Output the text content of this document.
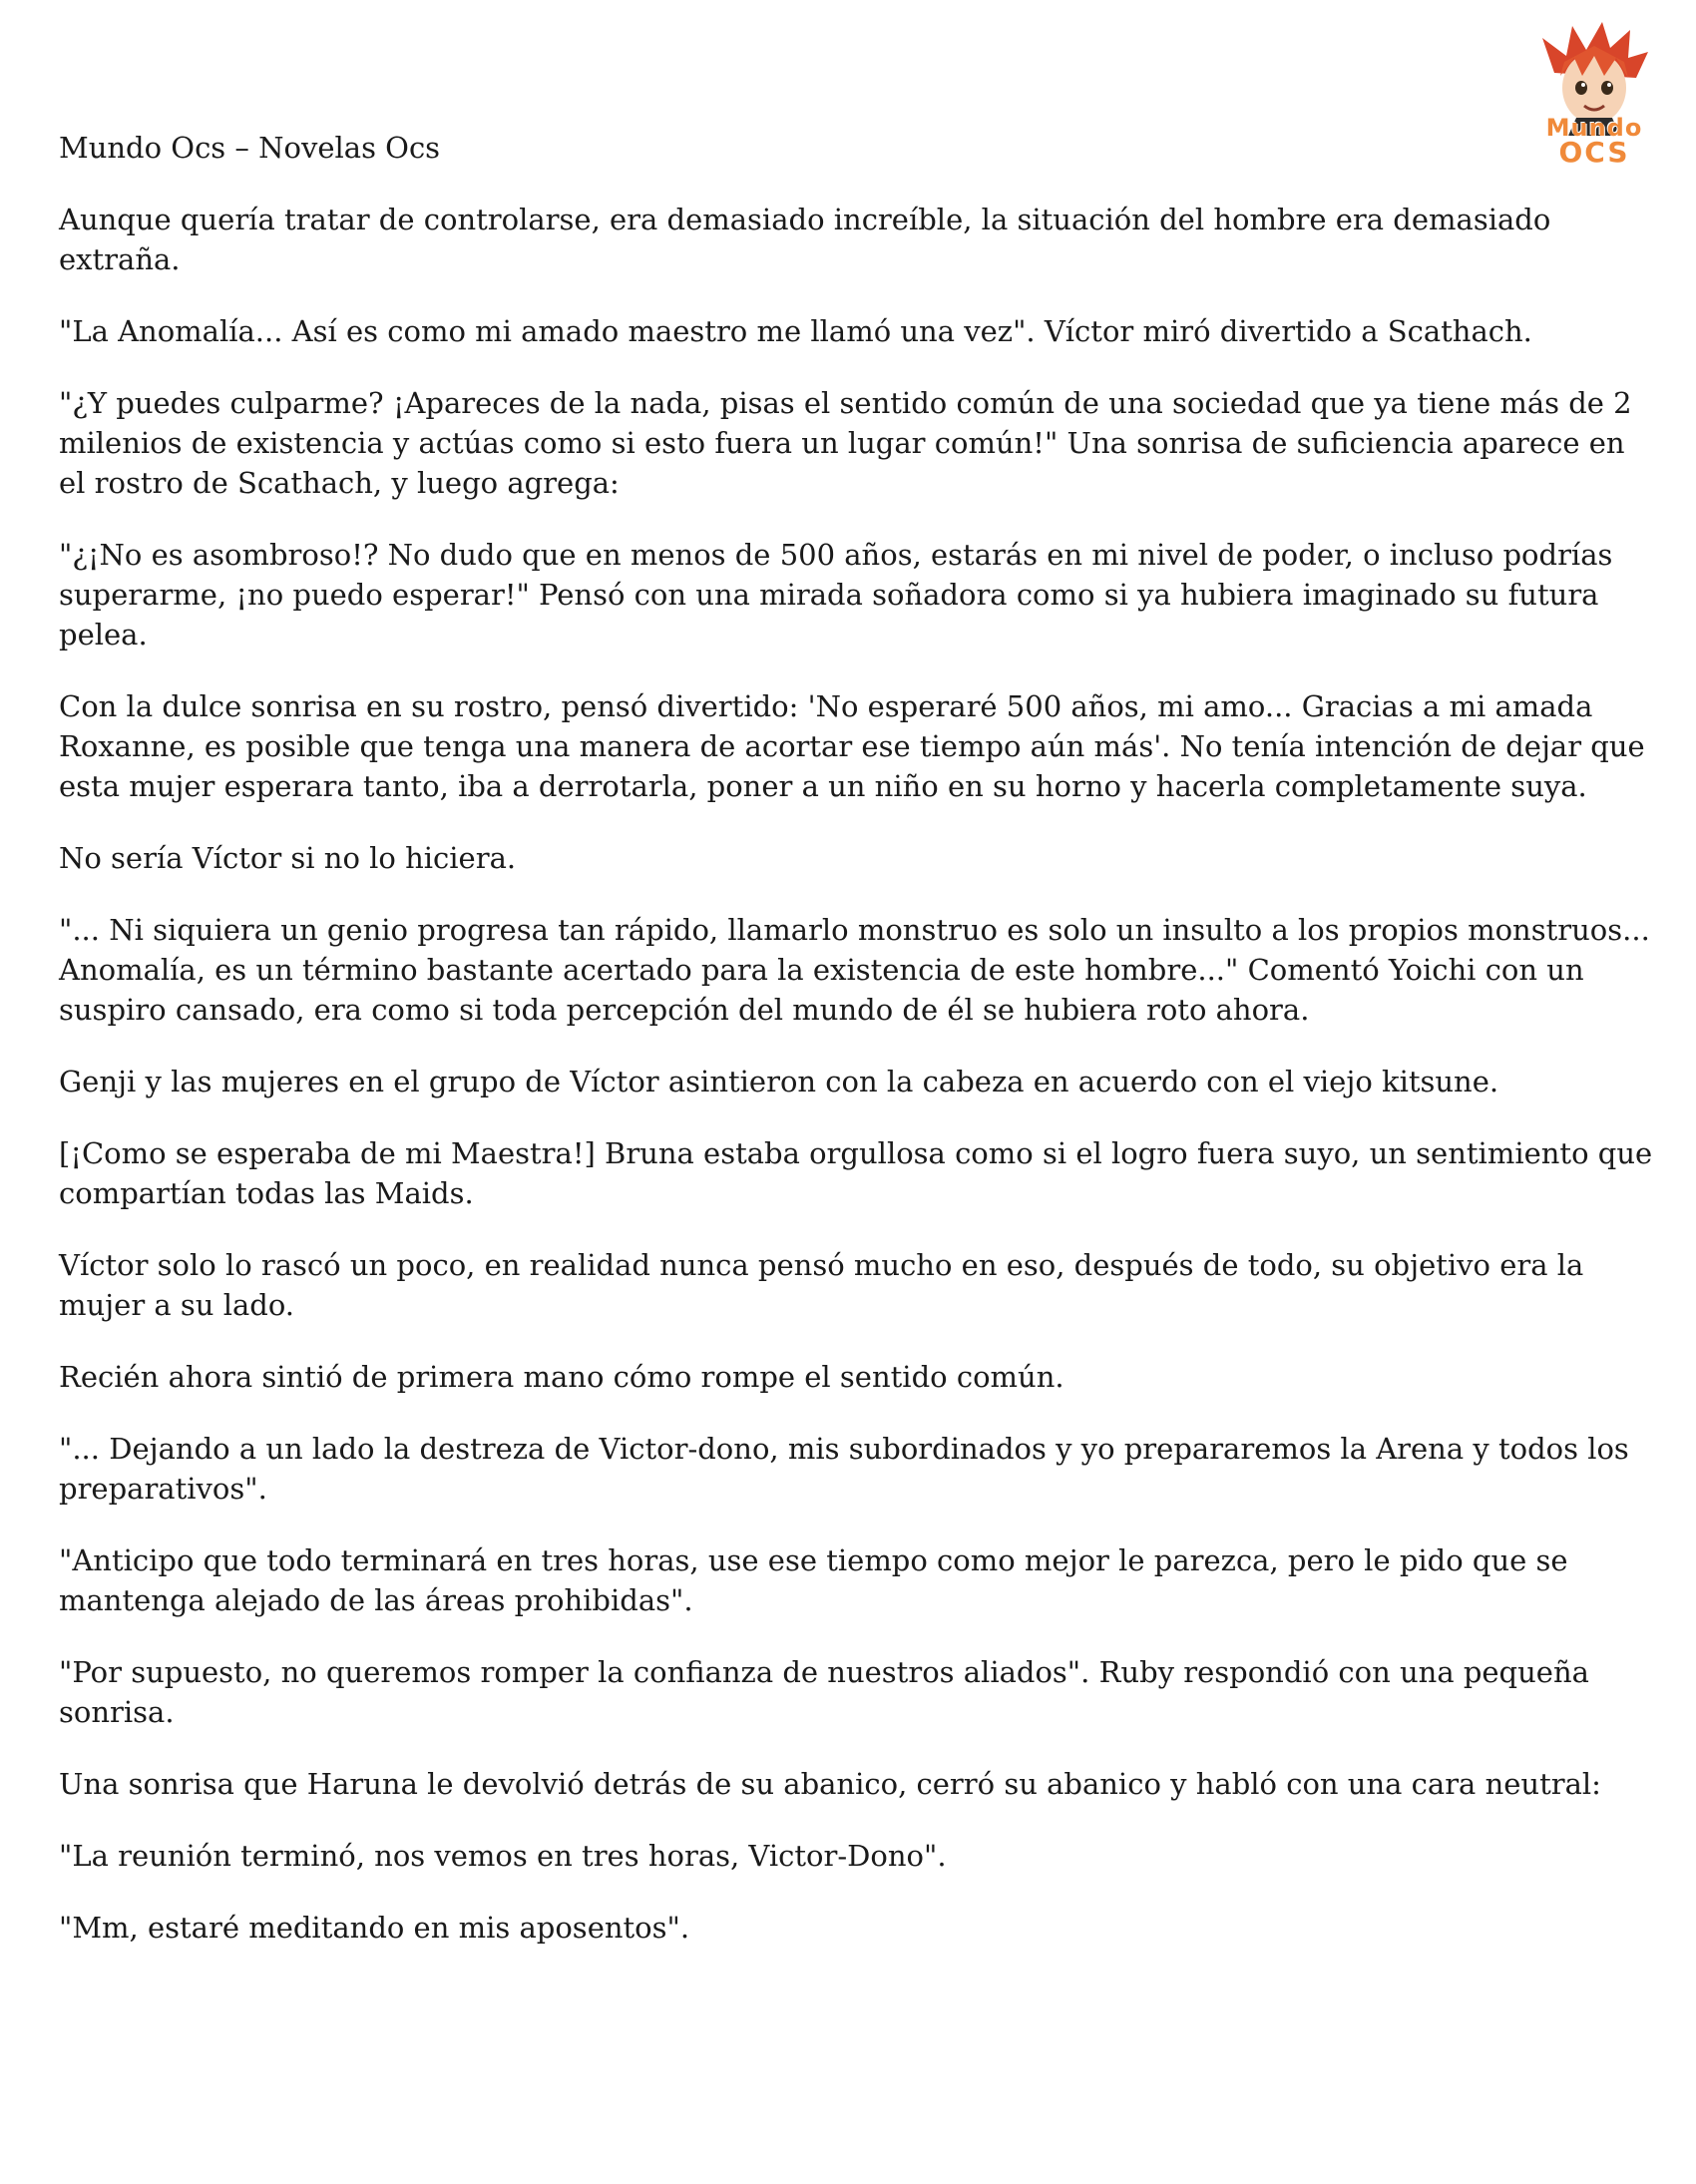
Mundo
OCS
Mundo Ocs – Novelas Ocs

Aunque quería tratar de controlarse, era demasiado increíble, la situación del hombre era demasiado extraña.

"La Anomalía... Así es como mi amado maestro me llamó una vez". Víctor miró divertido a Scathach.

"¿Y puedes culparme? ¡Apareces de la nada, pisas el sentido común de una sociedad que ya tiene más de 2 milenios de existencia y actúas como si esto fuera un lugar común!" Una sonrisa de suficiencia aparece en el rostro de Scathach, y luego agrega:

"¿¡No es asombroso!? No dudo que en menos de 500 años, estarás en mi nivel de poder, o incluso podrías superarme, ¡no puedo esperar!" Pensó con una mirada soñadora como si ya hubiera imaginado su futura pelea.

Con la dulce sonrisa en su rostro, pensó divertido: 'No esperaré 500 años, mi amo... Gracias a mi amada Roxanne, es posible que tenga una manera de acortar ese tiempo aún más'. No tenía intención de dejar que esta mujer esperara tanto, iba a derrotarla, poner a un niño en su horno y hacerla completamente suya.

No sería Víctor si no lo hiciera.

"... Ni siquiera un genio progresa tan rápido, llamarlo monstruo es solo un insulto a los propios monstruos... Anomalía, es un término bastante acertado para la existencia de este hombre..." Comentó Yoichi con un suspiro cansado, era como si toda percepción del mundo de él se hubiera roto ahora.

Genji y las mujeres en el grupo de Víctor asintieron con la cabeza en acuerdo con el viejo kitsune.

[¡Como se esperaba de mi Maestra!] Bruna estaba orgullosa como si el logro fuera suyo, un sentimiento que compartían todas las Maids.

Víctor solo lo rascó un poco, en realidad nunca pensó mucho en eso, después de todo, su objetivo era la mujer a su lado.

Recién ahora sintió de primera mano cómo rompe el sentido común.

"... Dejando a un lado la destreza de Victor-dono, mis subordinados y yo prepararemos la Arena y todos los preparativos".

"Anticipo que todo terminará en tres horas, use ese tiempo como mejor le parezca, pero le pido que se mantenga alejado de las áreas prohibidas".

"Por supuesto, no queremos romper la confianza de nuestros aliados". Ruby respondió con una pequeña sonrisa.

Una sonrisa que Haruna le devolvió detrás de su abanico, cerró su abanico y habló con una cara neutral:

"La reunión terminó, nos vemos en tres horas, Victor-Dono".

"Mm, estaré meditando en mis aposentos".
